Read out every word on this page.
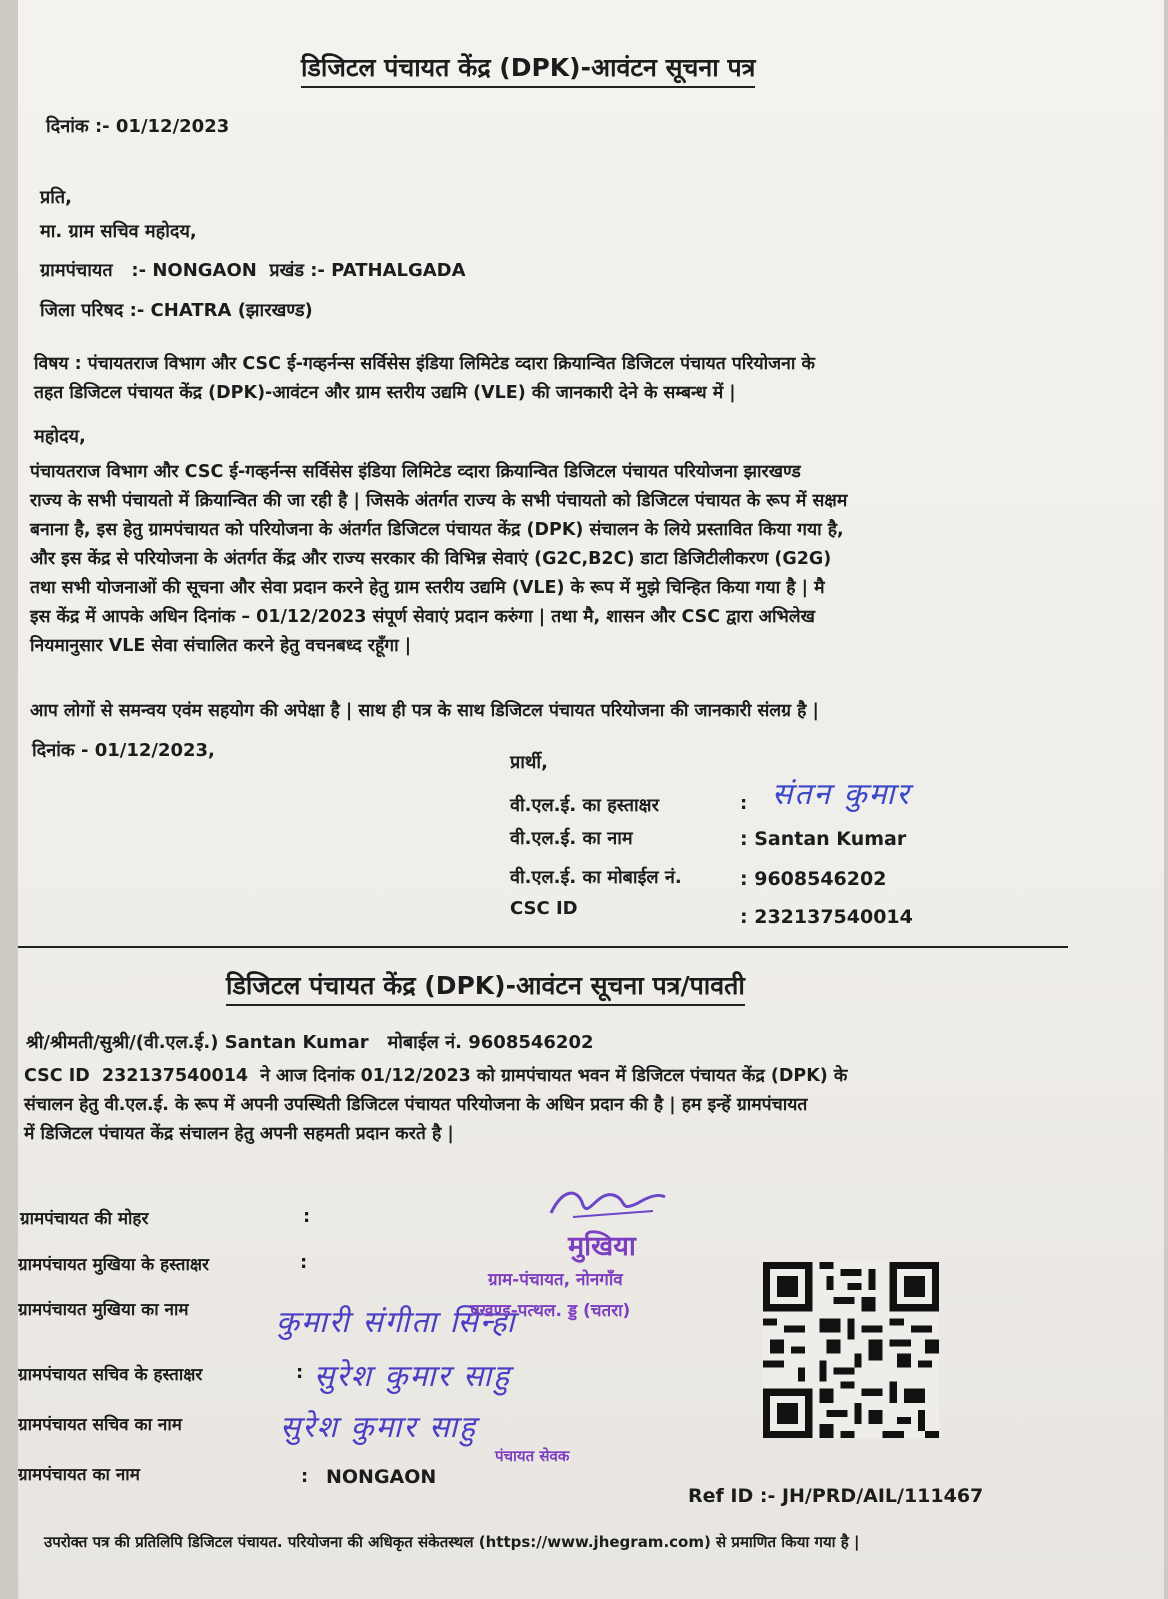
डिजिटल पंचायत केंद्र (DPK)-आवंटन सूचना पत्र
दिनांक :- 01/12/2023
प्रति,
मा. ग्राम सचिव महोदय,
ग्रामपंचायत   :- NONGAON  प्रखंड :- PATHALGADA
जिला परिषद :- CHATRA (झारखण्ड)
विषय : पंचायतराज विभाग और CSC ई-गव्हर्नन्स सर्विसेस इंडिया लिमिटेड व्दारा क्रियान्वित डिजिटल पंचायत परियोजना के
तहत डिजिटल पंचायत केंद्र (DPK)-आवंटन और ग्राम स्तरीय उद्यमि (VLE) की जानकारी देने के सम्बन्ध में |
महोदय,
पंचायतराज विभाग और CSC ई-गव्हर्नन्स सर्विसेस इंडिया लिमिटेड व्दारा क्रियान्वित डिजिटल पंचायत परियोजना झारखण्ड
राज्य के सभी पंचायतो में क्रियान्वित की जा रही है | जिसके अंतर्गत राज्य के सभी पंचायतो को डिजिटल पंचायत के रूप में सक्षम
बनाना है, इस हेतु ग्रामपंचायत को परियोजना के अंतर्गत डिजिटल पंचायत केंद्र (DPK) संचालन के लिये प्रस्तावित किया गया है,
और इस केंद्र से परियोजना के अंतर्गत केंद्र और राज्य सरकार की विभिन्न सेवाएं (G2C,B2C) डाटा डिजिटीलीकरण (G2G)
तथा सभी योजनाओं की सूचना और सेवा प्रदान करने हेतु ग्राम स्तरीय उद्यमि (VLE) के रूप में मुझे चिन्हित किया गया है | मै
इस केंद्र में आपके अधिन दिनांक – 01/12/2023 संपूर्ण सेवाएं प्रदान करुंगा | तथा मै, शासन और CSC द्वारा अभिलेख
नियमानुसार VLE सेवा संचालित करने हेतु वचनबध्द रहूँगा |
आप लोगों से समन्वय एवंम सहयोग की अपेक्षा है | साथ ही पत्र के साथ डिजिटल पंचायत परियोजना की जानकारी संलग्र है |
दिनांक - 01/12/2023,
प्रार्थी,
वी.एल.ई. का हस्ताक्षर	: संतन कुमार
वी.एल.ई. का नाम	: Santan Kumar
वी.एल.ई. का मोबाईल नं.	: 9608546202
CSC ID	: 232137540014
डिजिटल पंचायत केंद्र (DPK)-आवंटन सूचना पत्र/पावती
श्री/श्रीमती/सुश्री/(वी.एल.ई.) Santan Kumar   मोबाईल नं. 9608546202
CSC ID  232137540014  ने आज दिनांक 01/12/2023 को ग्रामपंचायत भवन में डिजिटल पंचायत केंद्र (DPK) के
संचालन हेतु वी.एल.ई. के रूप में अपनी उपस्थिती डिजिटल पंचायत परियोजना के अधिन प्रदान की है | हम इन्हें ग्रामपंचायत
में डिजिटल पंचायत केंद्र संचालन हेतु अपनी सहमती प्रदान करते है |
ग्रामपंचायत की मोहर	:
ग्रामपंचायत मुखिया के हस्ताक्षर	:
ग्रामपंचायत मुखिया का नाम	कुमारी संगीता सिन्हा
ग्रामपंचायत सचिव के हस्ताक्षर	: सुरेश कुमार साहु
ग्रामपंचायत सचिव का नाम	सुरेश कुमार साहु
ग्रामपंचायत का नाम	: NONGAON
मुखिया
ग्राम-पंचायत, नोनगाँव
प्रखण्ड-पत्थल. ड्ड (चतरा)
पंचायत सेवक
Ref ID :- JH/PRD/AIL/111467
उपरोक्त पत्र की प्रतिलिपि डिजिटल पंचायत. परियोजना की अधिकृत संकेतस्थल (https://www.jhegram.com) से प्रमाणित किया गया है |
